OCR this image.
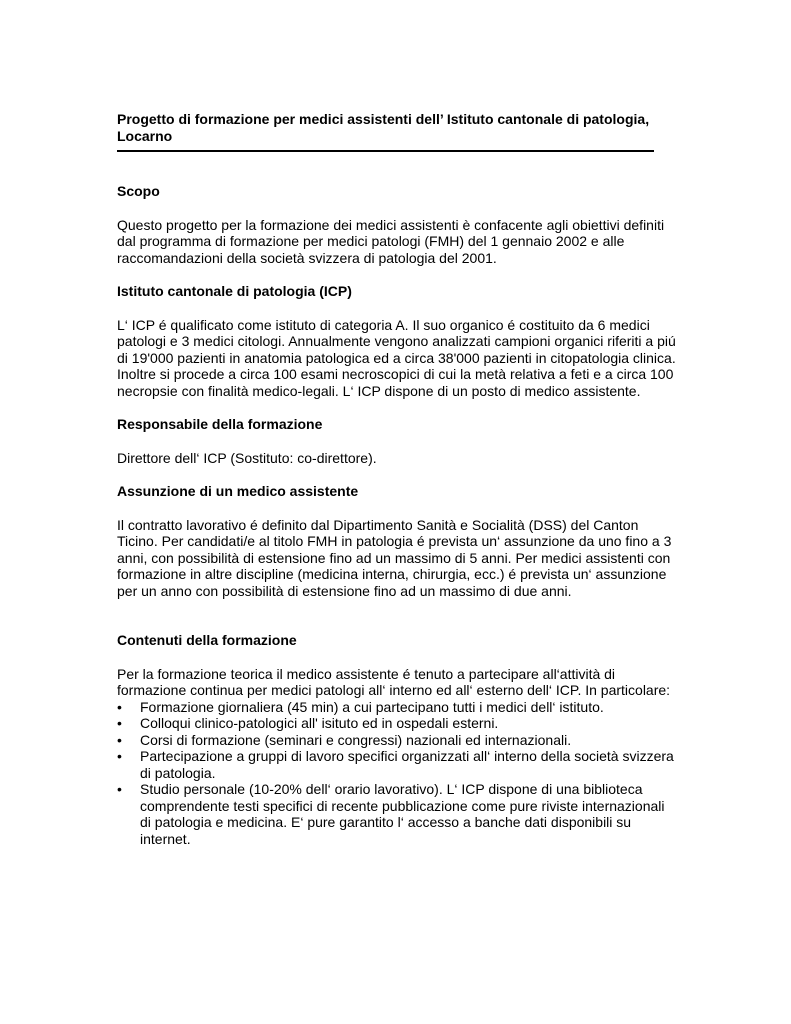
Progetto di formazione per medici assistenti dell’ Istituto cantonale di patologia, Locarno

Scopo

Questo progetto per la formazione dei medici assistenti è confacente agli obiettivi definiti dal programma di formazione per medici patologi (FMH) del 1 gennaio 2002 e alle raccomandazioni della società svizzera di patologia del 2001.

Istituto cantonale di patologia (ICP)

L‘ ICP é qualificato come istituto di categoria A. Il suo organico é costituito da 6 medici patologi e 3 medici citologi. Annualmente vengono analizzati campioni organici riferiti a piú di 19'000 pazienti in anatomia patologica ed a circa 38'000 pazienti in citopatologia clinica. Inoltre si procede a circa 100 esami necroscopici di cui la metà relativa a feti e a circa 100 necropsie con finalità medico-legali. L‘ ICP dispone di un posto di medico assistente.

Responsabile della formazione

Direttore dell‘ ICP (Sostituto: co-direttore).

Assunzione di un medico assistente

Il contratto lavorativo é definito dal Dipartimento Sanità e Socialità (DSS) del Canton Ticino. Per candidati/e al titolo FMH in patologia é prevista un‘ assunzione da uno fino a 3 anni, con possibilità di estensione fino ad un massimo di 5 anni. Per medici assistenti con formazione in altre discipline (medicina interna, chirurgia, ecc.) é prevista un‘ assunzione per un anno con possibilità di estensione fino ad un massimo di due anni.

Contenuti della formazione

Per la formazione teorica il medico assistente é tenuto a partecipare all‘attività di formazione continua per medici patologi all‘ interno ed all‘ esterno dell‘ ICP. In particolare:

• Formazione giornaliera (45 min) a cui partecipano tutti i medici dell‘ istituto.
• Colloqui clinico-patologici all' isituto ed in ospedali esterni.
• Corsi di formazione (seminari e congressi) nazionali ed internazionali.
• Partecipazione a gruppi di lavoro specifici organizzati all‘ interno della società svizzera di patologia.
• Studio personale (10-20% dell‘ orario lavorativo). L‘ ICP dispone di una biblioteca comprendente testi specifici di recente pubblicazione come pure riviste internazionali di patologia e medicina. E‘ pure garantito l‘ accesso a banche dati disponibili su internet.
